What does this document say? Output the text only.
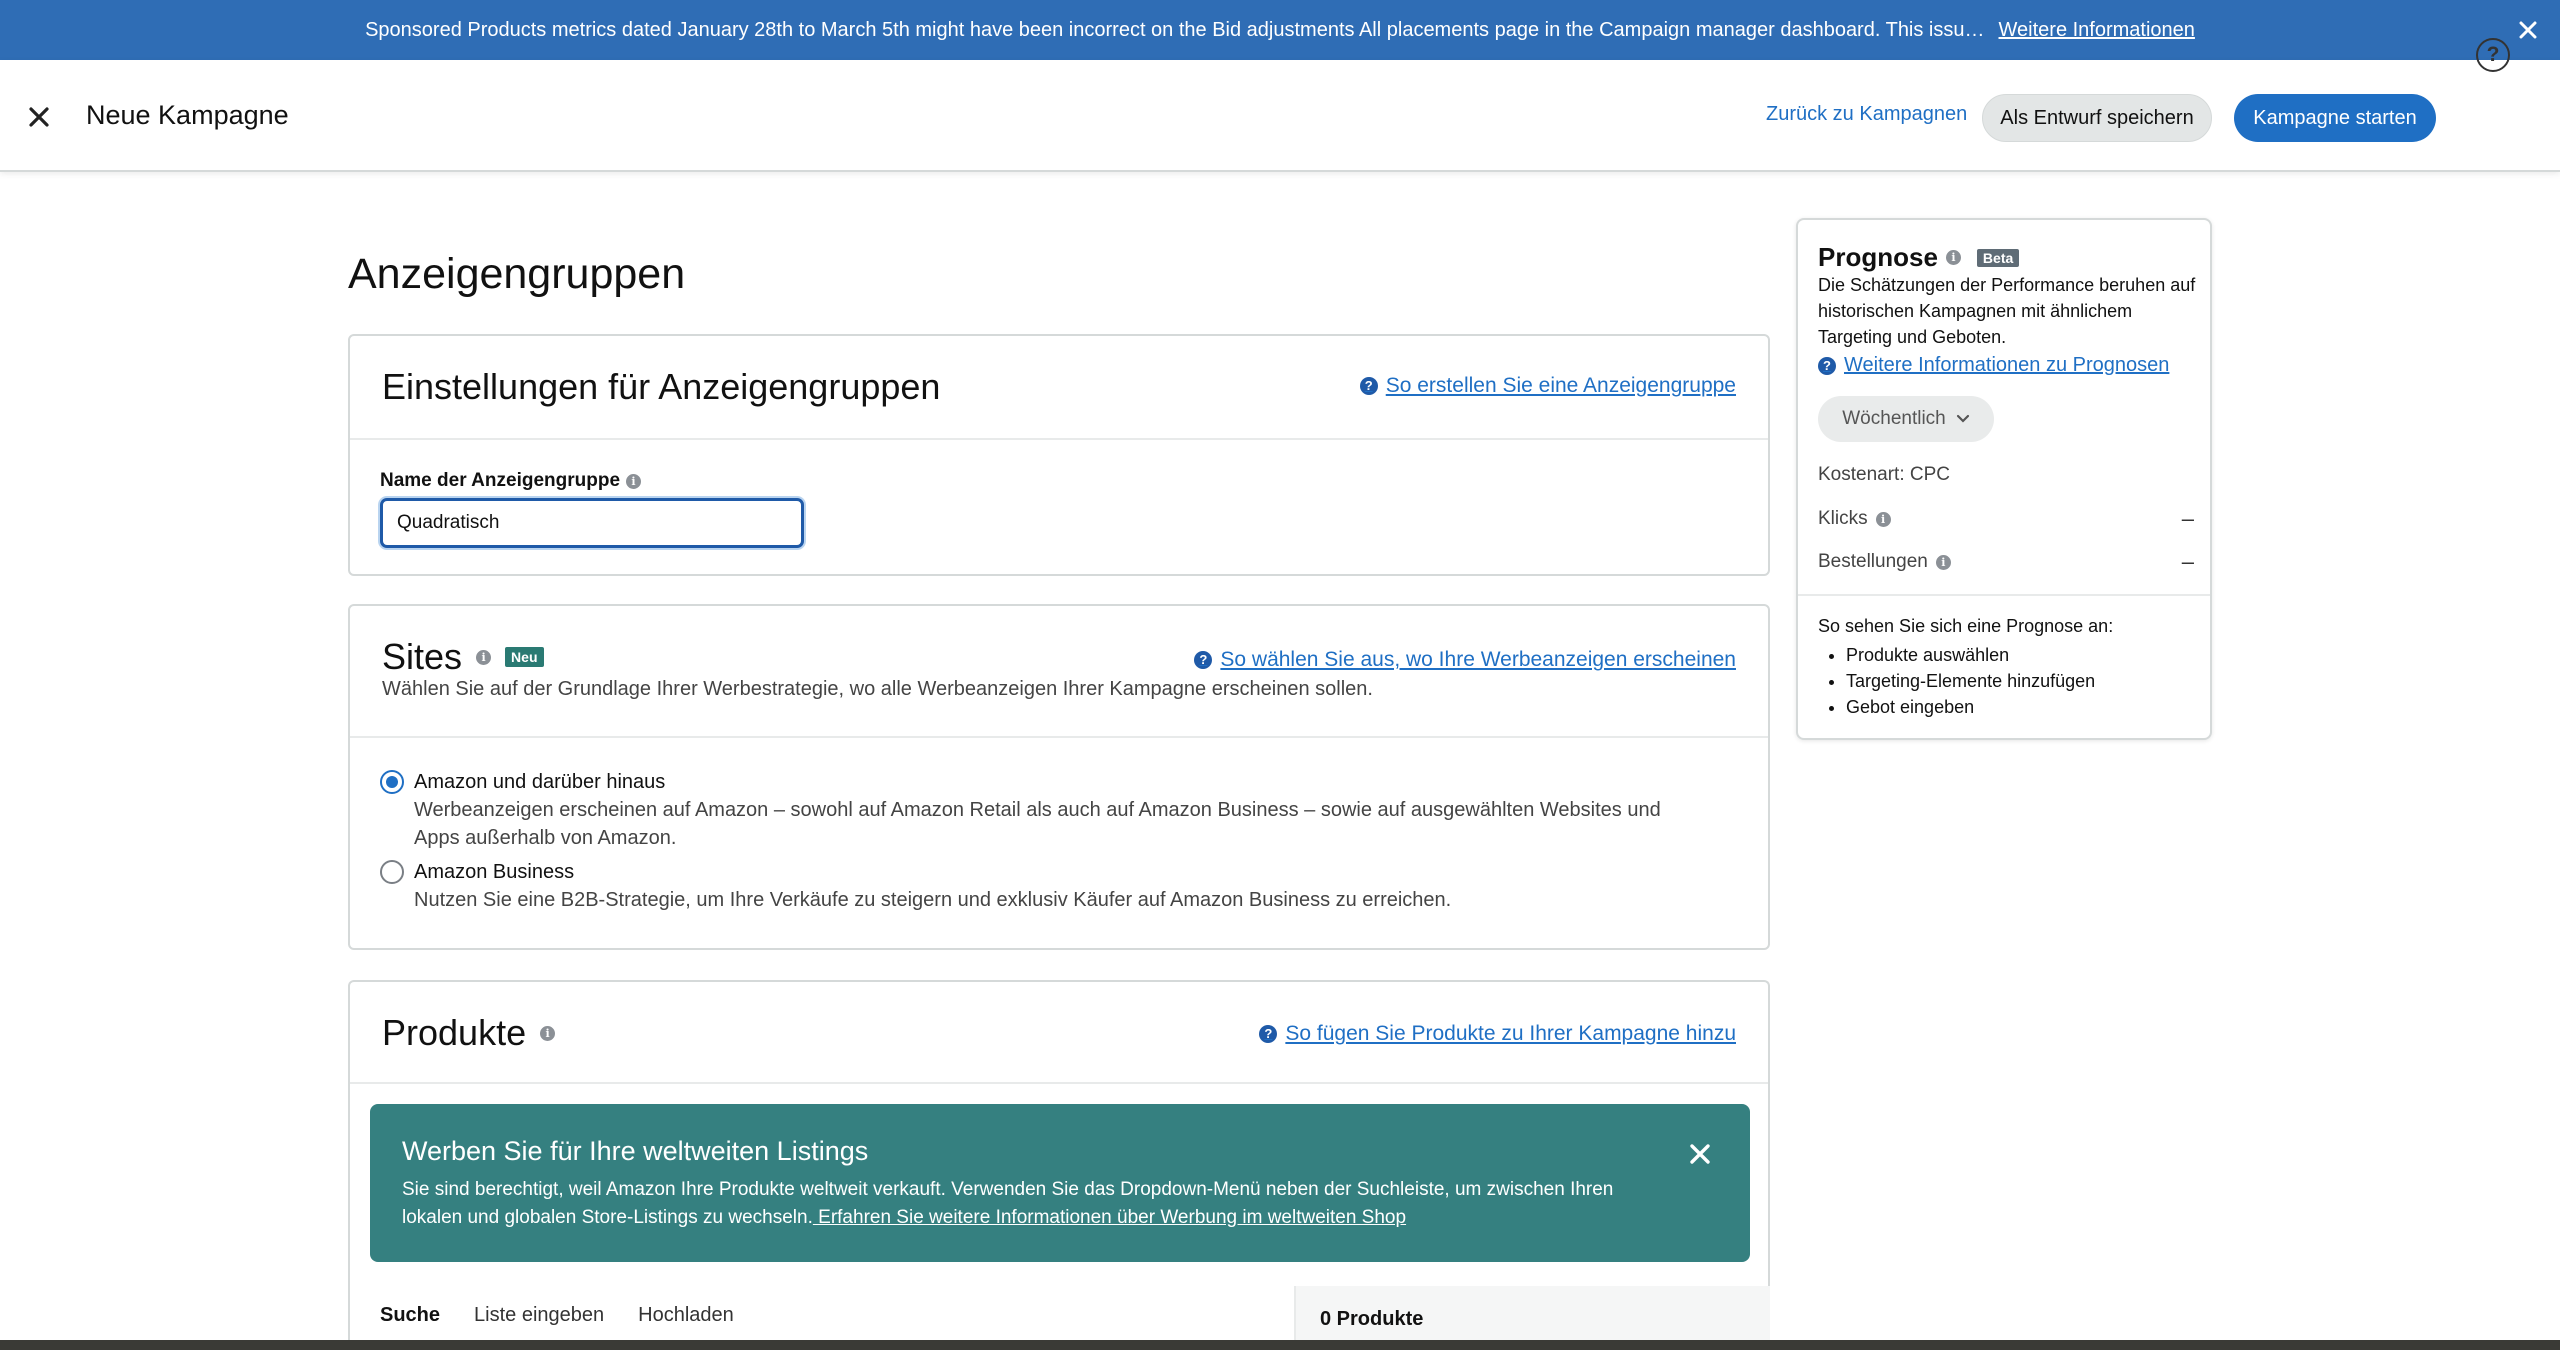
Sponsored Products metrics dated January 28th to March 5th might have been incorrect on the Bid adjustments All placements page in the Campaign manager dashboard. This issu… Weitere Informationen
Neue Kampagne	Zurück zu Kampagnen	Als Entwurf speichern	Kampagne starten
?
Anzeigengruppen
Einstellungen für Anzeigengruppen	? So erstellen Sie eine Anzeigengruppe
Name der Anzeigengruppe	i
Quadratisch
Sites	i	Neu
Wählen Sie auf der Grundlage Ihrer Werbestrategie, wo alle Werbeanzeigen Ihrer Kampagne erscheinen sollen.
? So wählen Sie aus, wo Ihre Werbeanzeigen erscheinen
Amazon und darüber hinaus
Werbeanzeigen erscheinen auf Amazon – sowohl auf Amazon Retail als auch auf Amazon Business – sowie auf ausgewählten Websites und Apps außerhalb von Amazon.
Amazon Business
Nutzen Sie eine B2B-Strategie, um Ihre Verkäufe zu steigern und exklusiv Käufer auf Amazon Business zu erreichen.
Produkte	i	? So fügen Sie Produkte zu Ihrer Kampagne hinzu
Werben Sie für Ihre weltweiten Listings
Sie sind berechtigt, weil Amazon Ihre Produkte weltweit verkauft. Verwenden Sie das Dropdown-Menü neben der Suchleiste, um zwischen Ihren lokalen und globalen Store-Listings zu wechseln. Erfahren Sie weitere Informationen über Werbung im weltweiten Shop
Suche Liste eingeben Hochladen	0 Produkte
Prognose	i	Beta
Die Schätzungen der Performance beruhen auf historischen Kampagnen mit ähnlichem Targeting und Geboten.
? Weitere Informationen zu Prognosen
Wöchentlich
Kostenart: CPC
Klicks	i	–
Bestellungen	i	–
So sehen Sie sich eine Prognose an:
• Produkte auswählen
• Targeting-Elemente hinzufügen
• Gebot eingeben
